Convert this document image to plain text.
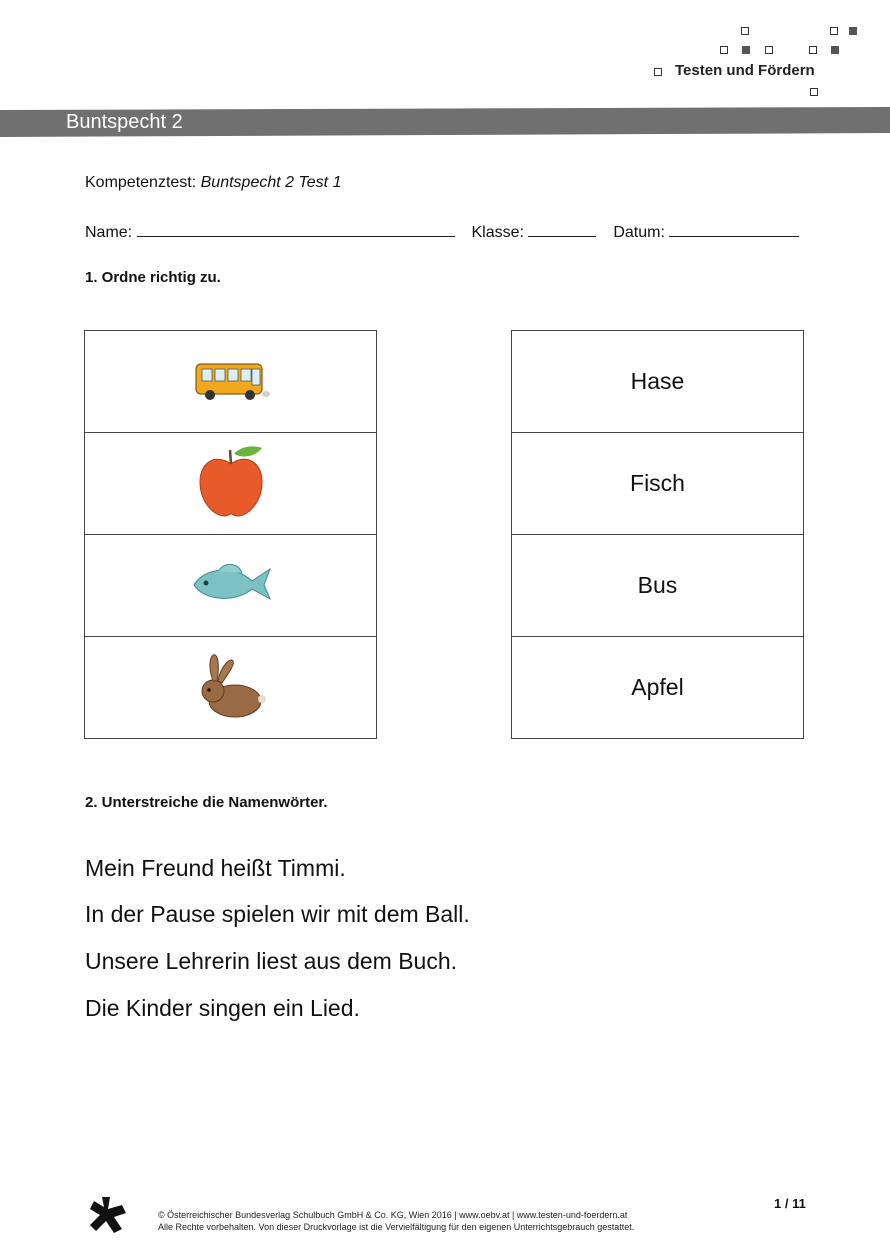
Testen und Fördern
Buntspecht 2
Kompetenztest: Buntspecht 2 Test 1
Name:	Klasse:	Datum:
1. Ordne richtig zu.

Hase
Fisch
Bus
Apfel
2. Unterstreiche die Namenwörter.
Mein Freund heißt Timmi.
In der Pause spielen wir mit dem Ball.
Unsere Lehrerin liest aus dem Buch.
Die Kinder singen ein Lied.
© Österreichischer Bundesverlag Schulbuch GmbH & Co. KG, Wien 2016 | www.oebv.at | www.testen-und-foerdern.at
Alle Rechte vorbehalten. Von dieser Druckvorlage ist die Vervielfältigung für den eigenen Unterrichtsgebrauch gestattet.
1 / 11
